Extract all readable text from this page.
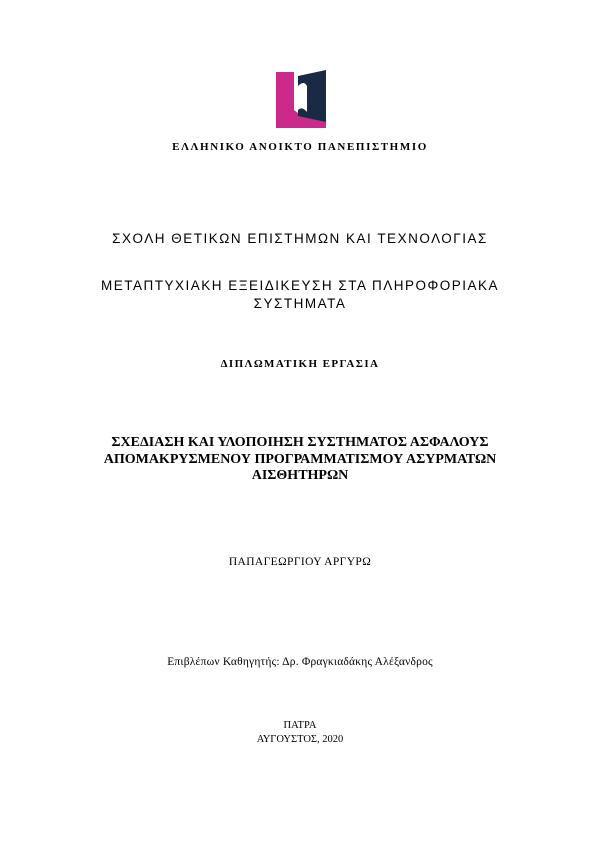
ΕΛΛΗΝΙΚΟ ΑΝΟΙΚΤΟ ΠΑΝΕΠΙΣΤΗΜΙΟ
ΣΧΟΛΗ ΘΕΤΙΚΩΝ ΕΠΙΣΤΗΜΩΝ ΚΑΙ ΤΕΧΝΟΛΟΓΙΑΣ
ΜΕΤΑΠΤΥΧΙΑΚΗ ΕΞΕΙΔΙΚΕΥΣΗ ΣΤΑ ΠΛΗΡΟΦΟΡΙΑΚΑ
ΣΥΣΤΗΜΑΤΑ
ΔΙΠΛΩΜΑΤΙΚΗ ΕΡΓΑΣΙΑ
ΣΧΕΔΙΑΣΗ ΚΑΙ ΥΛΟΠΟΙΗΣΗ ΣΥΣΤΗΜΑΤΟΣ ΑΣΦΑΛΟΥΣ
ΑΠΟΜΑΚΡΥΣΜΕΝΟΥ ΠΡΟΓΡΑΜΜΑΤΙΣΜΟΥ ΑΣΥΡΜΑΤΩΝ
ΑΙΣΘΗΤΗΡΩΝ
ΠΑΠΑΓΕΩΡΓΙΟΥ ΑΡΓΥΡΩ
Επιβλέπων Καθηγητής: Δρ. Φραγκιαδάκης Αλέξανδρος
ΠΑΤΡΑ
ΑΥΓΟΥΣΤΟΣ, 2020
